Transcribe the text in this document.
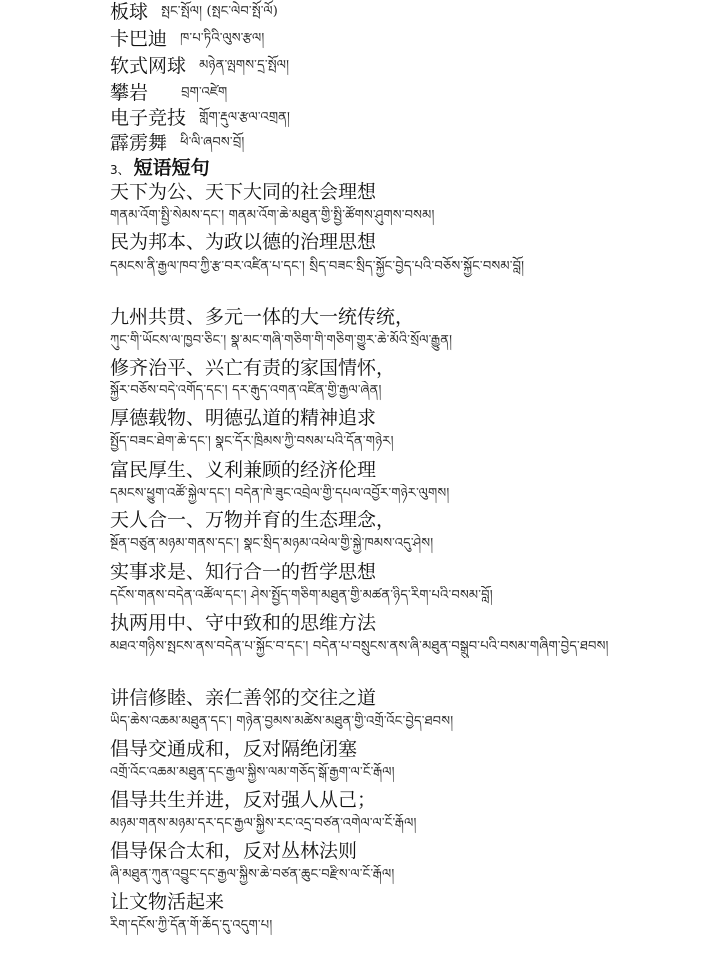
板球 སྤང་སྤོལ། (སྤང་ལེབ་སྤོ་ལོ)
卡巴迪 ཁ་པ་ཏིའི་ལུས་རྩལ།
软式网球 མཉེན་ལྤགས་དྲ་སྤོལ།
攀岩	བྲག་འཛེག
电子竞技 གློག་རྡུལ་རྩལ་འགྲན།
霹雳舞 ཕི་ལི་ཞབས་བྲོ།
3、 短语短句
天下为公、天下大同的社会理想
གནམ་འོག་སྤྱི་སེམས་དང་། གནམ་འོག་ཆེ་མཐུན་གྱི་སྤྱི་ཚོགས་ཤུགས་བསམ།
民为邦本、为政以德的治理思想
དམངས་ནི་རྒྱལ་ཁབ་ཀྱི་རྩ་བར་འཛིན་པ་དང་། སྲིད་བཟང་སྲིད་སྐྱོང་བྱེད་པའི་བཅོས་སྐྱོང་བསམ་བློ།
九州共贯、多元一体的大一统传统，
ཀུང་གི་ཡོངས་ལ་ཁྱབ་ཅིང་། སྣ་མང་གཞི་གཅིག་གི་གཅིག་གྱུར་ཆེ་མོའི་སྲོལ་རྒྱུན།
修齐治平、兴亡有责的家国情怀，
སྐྱོར་བཅོས་བདེ་འགོད་དང་། དར་རྒུད་འགན་འཛིན་གྱི་རྒྱལ་ཞེན།
厚德载物、明德弘道的精神追求
སྤྱོད་བཟང་ཐེག་ཆེ་དང་། སྣང་དོར་ཁྲིམས་ཀྱི་བསམ་པའི་དོན་གཉེར།
富民厚生、义利兼顾的经济伦理
དམངས་ཕྱུག་འཚོ་སྐྱེལ་དང་། བདེན་ཁེ་ཟུང་འབྲེལ་གྱི་དཔལ་འབྱོར་གཉེར་ལུགས།
天人合一、万物并育的生态理念，
སྔོན་བཙུན་མཉམ་གནས་དང་། སྣང་སྲིད་མཉམ་འཕེལ་གྱི་སྐྱེ་ཁམས་འདུ་ཤེས།
实事求是、知行合一的哲学思想
དངོས་གནས་བདེན་འཚོལ་དང་། ཤེས་སྤྱོད་གཅིག་མཐུན་གྱི་མཚན་ཉིད་རིག་པའི་བསམ་བློ།
执两用中、守中致和的思维方法
མཐའ་གཉིས་སྤངས་ནས་བདེན་པ་སྐྱོང་བ་དང་། བདེན་པ་བསྲུངས་ནས་ཞི་མཐུན་བསྒྲུབ་པའི་བསམ་གཞིག་བྱེད་ཐབས།
讲信修睦、亲仁善邻的交往之道
ཡིད་ཆེས་འཆམ་མཐུན་དང་། གཉེན་བྱམས་མཚེས་མཐུན་གྱི་འགྲོ་འོང་བྱེད་ཐབས།
倡导交通成和，反对隔绝闭塞
འགྲོ་འོང་འཆམ་མཐུན་དང་རྒྱལ་སྐྱིས་ལམ་གཅོད་སྒོ་རྒྱག་ལ་ངོ་རྒོལ།
倡导共生并进，反对强人从己；
མཉམ་གནས་མཉམ་དར་དང་རྒྱལ་སྐྱིས་རང་འདྲ་བཙན་འགེལ་ལ་ངོ་རྒོལ།
倡导保合太和，反对丛林法则
ཞི་མཐུན་ཀུན་འབྱུང་དང་རྒྱལ་སྐྱིས་ཆེ་བཙན་ཆུང་བརྫིས་ལ་ངོ་རྒོལ།
让文物活起来
རིག་དངོས་ཀྱི་དོན་གོ་ཆོད་དུ་འདུག་པ།
